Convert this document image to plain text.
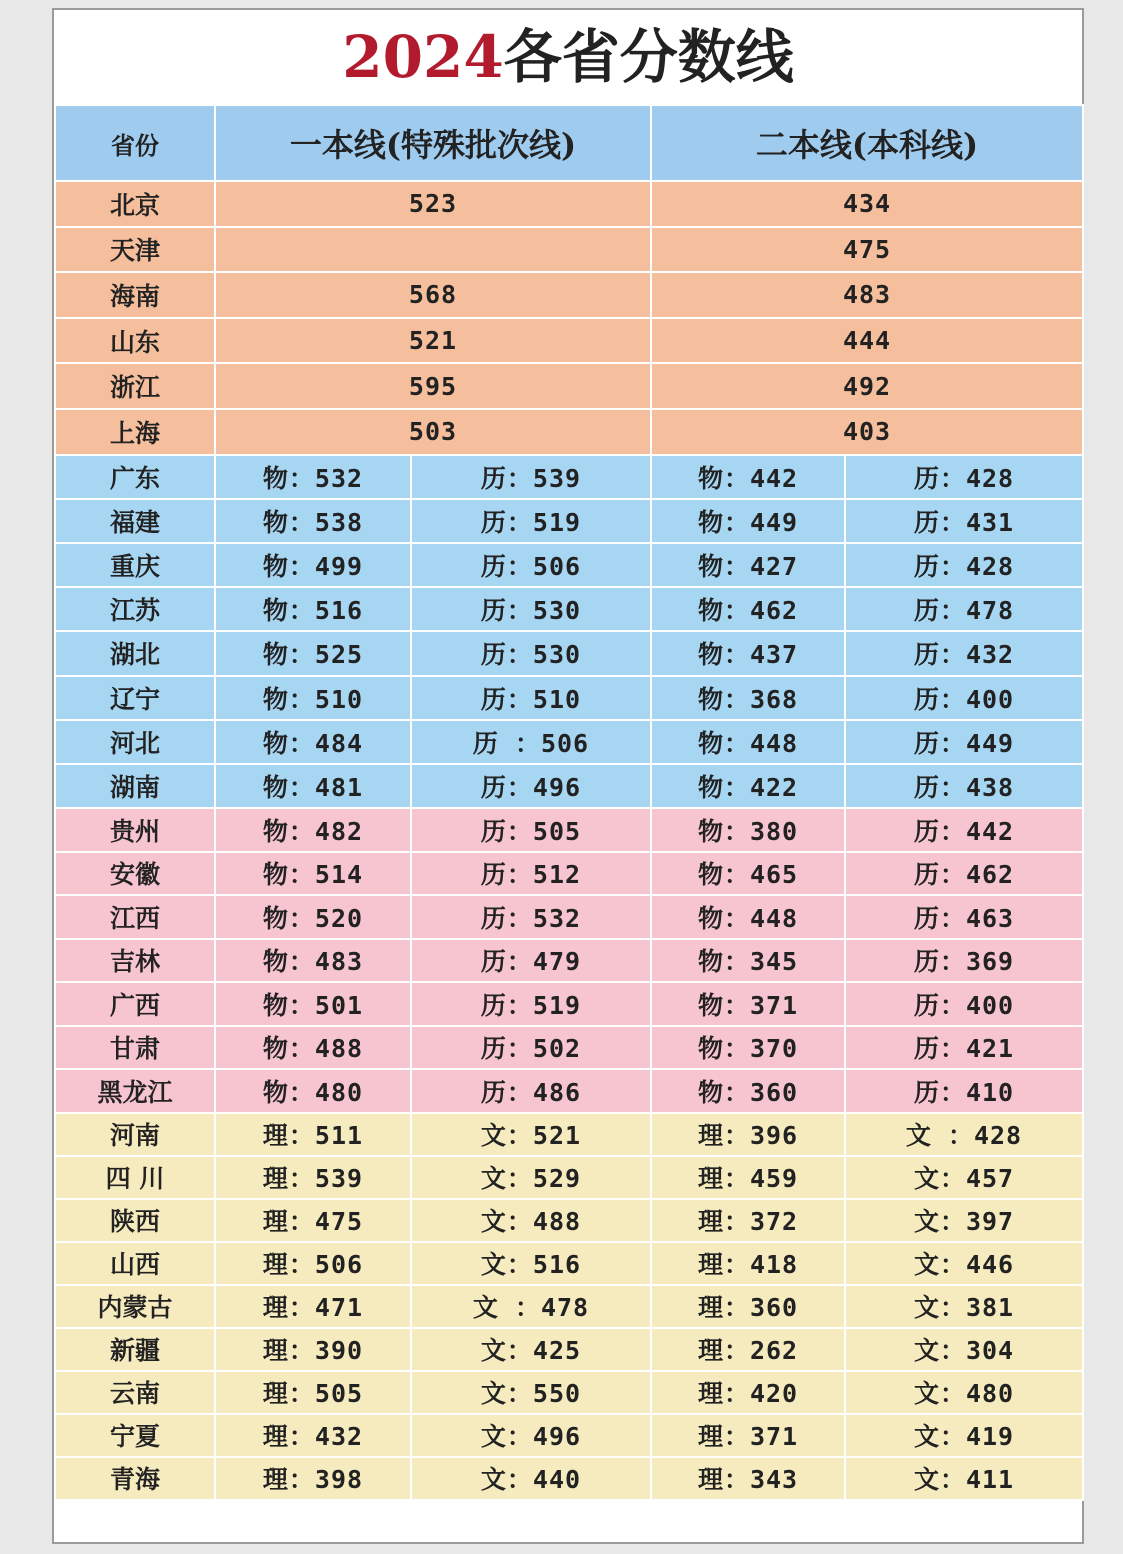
2024各省分数线
省份	一本线(特殊批次线)		二本线(本科线)	
北京	523		434	
天津			475	
海南	568		483	
山东	521		444	
浙江	595		492	
上海	503		403	
广东	物：532	历：539	物：442	历：428
福建	物：538	历：519	物：449	历：431
重庆	物：499	历：506	物：427	历：428
江苏	物：516	历：530	物：462	历：478
湖北	物：525	历：530	物：437	历：432
辽宁	物：510	历：510	物：368	历：400
河北	物：484	历 ：506	物：448	历：449
湖南	物：481	历：496	物：422	历：438
贵州	物：482	历：505	物：380	历：442
安徽	物：514	历：512	物：465	历：462
江西	物：520	历：532	物：448	历：463
吉林	物：483	历：479	物：345	历：369
广西	物：501	历：519	物：371	历：400
甘肃	物：488	历：502	物：370	历：421
黑龙江	物：480	历：486	物：360	历：410
河南	理：511	文：521	理：396	文 ：428
四 川	理：539	文：529	理：459	文：457
陕西	理：475	文：488	理：372	文：397
山西	理：506	文：516	理：418	文：446
内蒙古	理：471	文 ：478	理：360	文：381
新疆	理：390	文：425	理：262	文：304
云南	理：505	文：550	理：420	文：480
宁夏	理：432	文：496	理：371	文：419
青海	理：398	文：440	理：343	文：411
